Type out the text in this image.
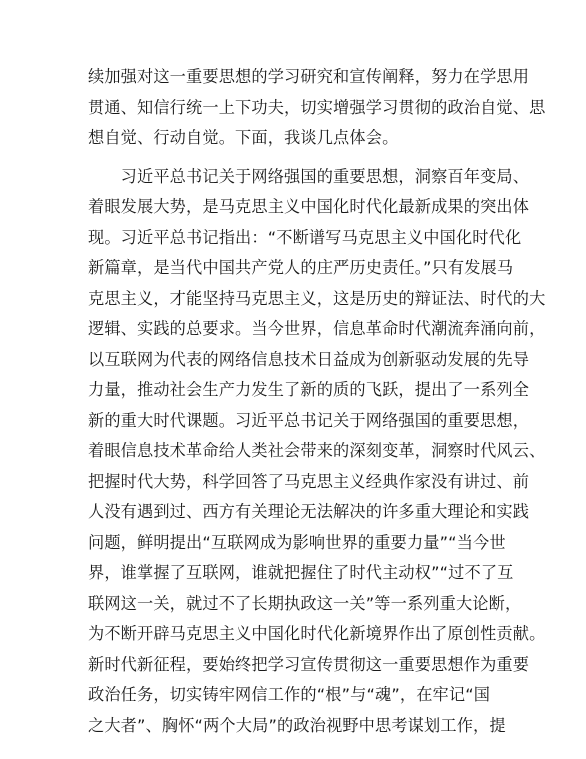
续加强对这一重要思想的学习研究和宣传阐释，努力在学思用
贯通、知信行统一上下功夫，切实增强学习贯彻的政治自觉、思
想自觉、行动自觉。下面，我谈几点体会。
　　习近平总书记关于网络强国的重要思想，洞察百年变局、
着眼发展大势，是马克思主义中国化时代化最新成果的突出体
现。习近平总书记指出：“不断谱写马克思主义中国化时代化
新篇章，是当代中国共产党人的庄严历史责任。”只有发展马
克思主义，才能坚持马克思主义，这是历史的辩证法、时代的大
逻辑、实践的总要求。当今世界，信息革命时代潮流奔涌向前，
以互联网为代表的网络信息技术日益成为创新驱动发展的先导
力量，推动社会生产力发生了新的质的飞跃，提出了一系列全
新的重大时代课题。习近平总书记关于网络强国的重要思想，
着眼信息技术革命给人类社会带来的深刻变革，洞察时代风云、
把握时代大势，科学回答了马克思主义经典作家没有讲过、前
人没有遇到过、西方有关理论无法解决的许多重大理论和实践
问题，鲜明提出“互联网成为影响世界的重要力量”“当今世
界，谁掌握了互联网，谁就把握住了时代主动权”“过不了互
联网这一关，就过不了长期执政这一关”等一系列重大论断，
为不断开辟马克思主义中国化时代化新境界作出了原创性贡献。
新时代新征程，要始终把学习宣传贯彻这一重要思想作为重要
政治任务，切实铸牢网信工作的“根”与“魂”，在牢记“国
之大者”、胸怀“两个大局”的政治视野中思考谋划工作，提
